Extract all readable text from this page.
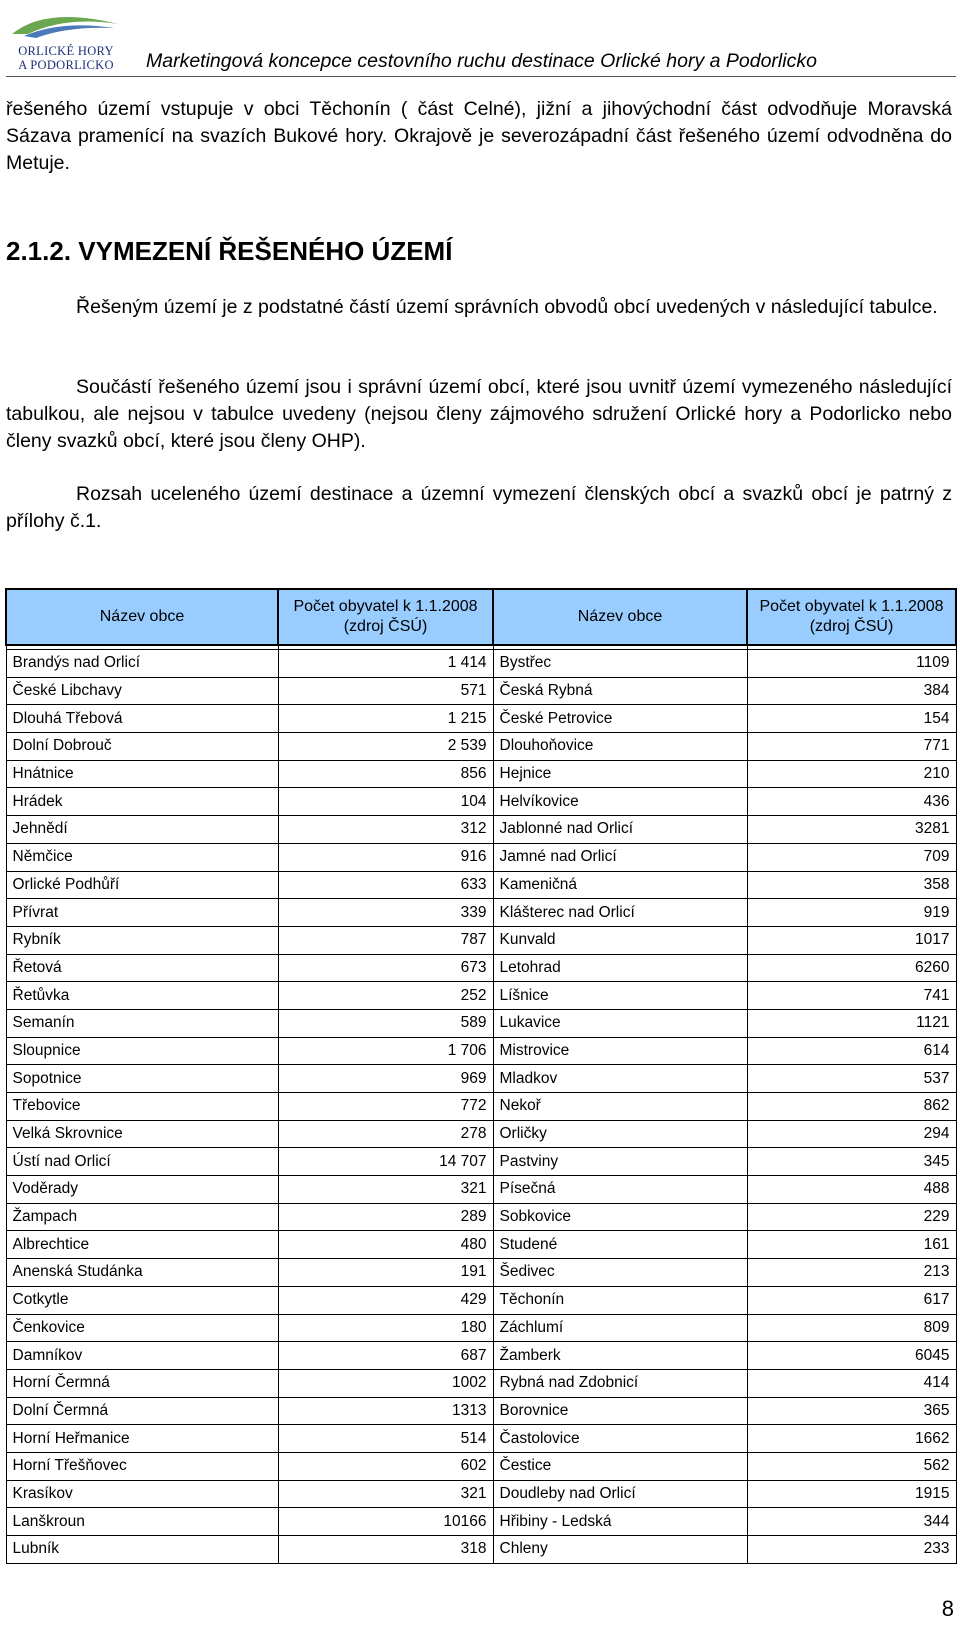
ORLICKÉ HORY
A PODORLICKO	Marketingová koncepce cestovního ruchu destinace Orlické hory a Podorlicko

řešeného území vstupuje v obci Těchonín ( část Celné), jižní a jihovýchodní část odvodňuje Moravská Sázava pramenící na svazích Bukové hory. Okrajově je severozápadní část řešeného území odvodněna do Metuje.

2.1.2. VYMEZENÍ ŘEŠENÉHO ÚZEMÍ

Řešeným území je z podstatné částí území správních obvodů obcí uvedených v následující tabulce.

Součástí řešeného území jsou i správní území obcí, které jsou uvnitř území vymezeného následující tabulkou, ale nejsou v tabulce uvedeny (nejsou členy zájmového sdružení Orlické hory a Podorlicko nebo členy svazků obcí, které jsou členy OHP).

Rozsah uceleného území destinace a územní vymezení členských obcí a svazků obcí je patrný z přílohy č.1.

Název obce	Počet obyvatel k 1.1.2008 (zdroj ČSÚ)	Název obce	Počet obyvatel k 1.1.2008 (zdroj ČSÚ)

Brandýs nad Orlicí	1 414	Bystřec	1109
České Libchavy	571	Česká Rybná	384
Dlouhá Třebová	1 215	České Petrovice	154
Dolní Dobrouč	2 539	Dlouhoňovice	771
Hnátnice	856	Hejnice	210
Hrádek	104	Helvíkovice	436
Jehnědí	312	Jablonné nad Orlicí	3281
Němčice	916	Jamné nad Orlicí	709
Orlické Podhůří	633	Kameničná	358
Přívrat	339	Klášterec nad Orlicí	919
Rybník	787	Kunvald	1017
Řetová	673	Letohrad	6260
Řetůvka	252	Líšnice	741
Semanín	589	Lukavice	1121
Sloupnice	1 706	Mistrovice	614
Sopotnice	969	Mladkov	537
Třebovice	772	Nekoř	862
Velká Skrovnice	278	Orličky	294
Ústí nad Orlicí	14 707	Pastviny	345
Voděrady	321	Písečná	488
Žampach	289	Sobkovice	229
Albrechtice	480	Studené	161
Anenská Studánka	191	Šedivec	213
Cotkytle	429	Těchonín	617
Čenkovice	180	Záchlumí	809
Damníkov	687	Žamberk	6045
Horní Čermná	1002	Rybná nad Zdobnicí	414
Dolní Čermná	1313	Borovnice	365
Horní Heřmanice	514	Častolovice	1662
Horní Třešňovec	602	Čestice	562
Krasíkov	321	Doudleby nad Orlicí	1915
Lanškroun	10166	Hřibiny - Ledská	344
Lubník	318	Chleny	233
8
